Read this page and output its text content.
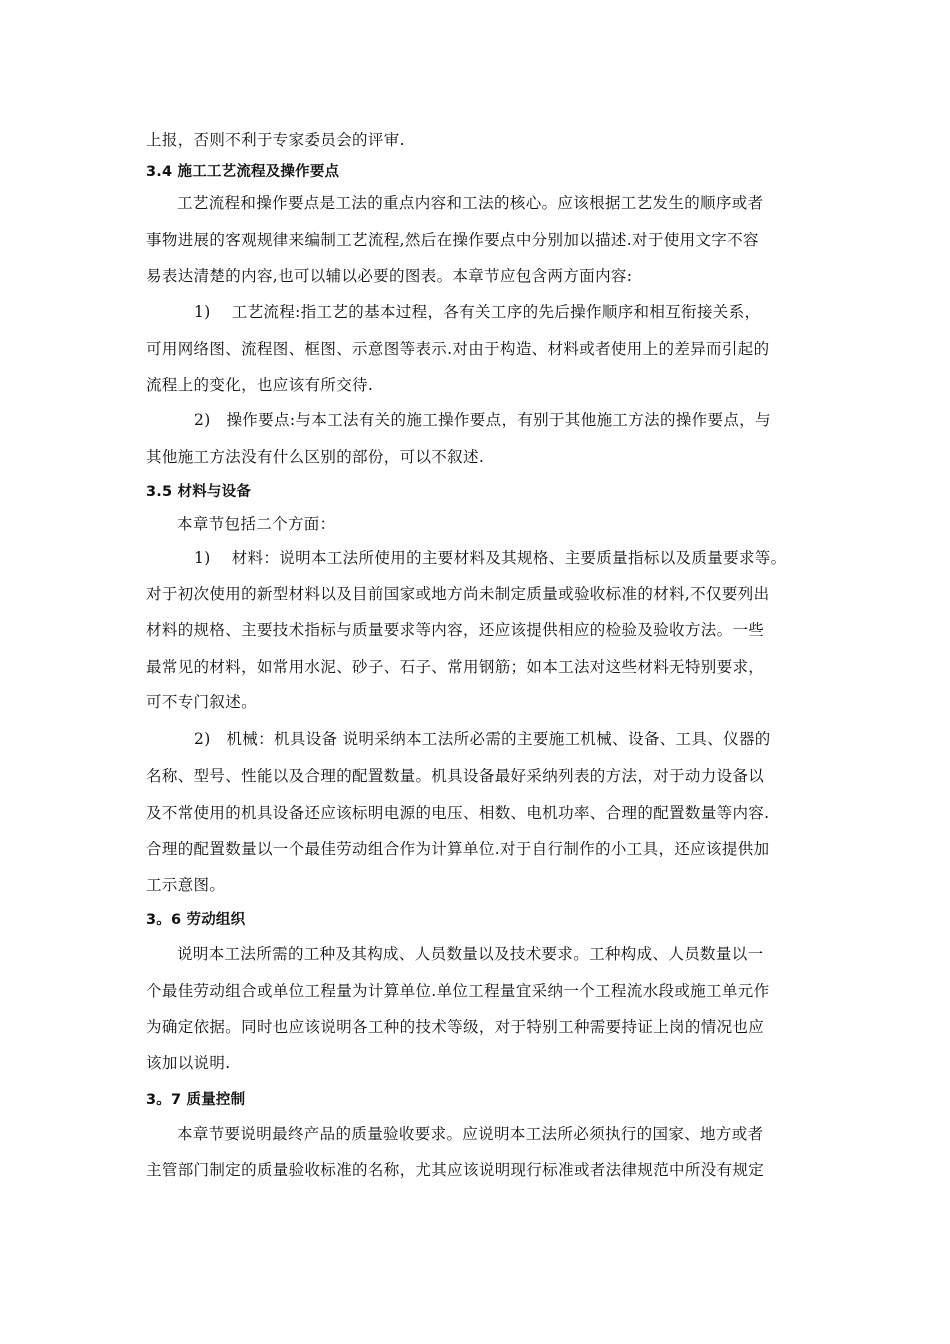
上报，否则不利于专家委员会的评审.
3.4 施工工艺流程及操作要点
工艺流程和操作要点是工法的重点内容和工法的核心。应该根据工艺发生的顺序或者
事物进展的客观规律来编制工艺流程,然后在操作要点中分别加以描述.对于使用文字不容
易表达清楚的内容,也可以辅以必要的图表。本章节应包含两方面内容:
1)　 工艺流程:指工艺的基本过程，各有关工序的先后操作顺序和相互衔接关系，
可用网络图、流程图、框图、示意图等表示.对由于构造、材料或者使用上的差异而引起的
流程上的变化，也应该有所交待.
2)　操作要点:与本工法有关的施工操作要点，有别于其他施工方法的操作要点，与
其他施工方法没有什么区别的部份，可以不叙述.
3.5 材料与设备
本章节包括二个方面：
1)　 材料：说明本工法所使用的主要材料及其规格、主要质量指标以及质量要求等。
对于初次使用的新型材料以及目前国家或地方尚未制定质量或验收标准的材料,不仅要列出
材料的规格、主要技术指标与质量要求等内容，还应该提供相应的检验及验收方法。一些
最常见的材料，如常用水泥、砂子、石子、常用钢筋；如本工法对这些材料无特别要求，
可不专门叙述。
2)　机械：机具设备 说明采纳本工法所必需的主要施工机械、设备、工具、仪器的
名称、型号、性能以及合理的配置数量。机具设备最好采纳列表的方法，对于动力设备以
及不常使用的机具设备还应该标明电源的电压、相数、电机功率、合理的配置数量等内容.
合理的配置数量以一个最佳劳动组合作为计算单位.对于自行制作的小工具，还应该提供加
工示意图。
3。6 劳动组织
说明本工法所需的工种及其构成、人员数量以及技术要求。工种构成、人员数量以一
个最佳劳动组合或单位工程量为计算单位.单位工程量宜采纳一个工程流水段或施工单元作
为确定依据。同时也应该说明各工种的技术等级，对于特别工种需要持证上岗的情况也应
该加以说明.
3。7 质量控制
本章节要说明最终产品的质量验收要求。应说明本工法所必须执行的国家、地方或者
主管部门制定的质量验收标准的名称，尤其应该说明现行标准或者法律规范中所没有规定
